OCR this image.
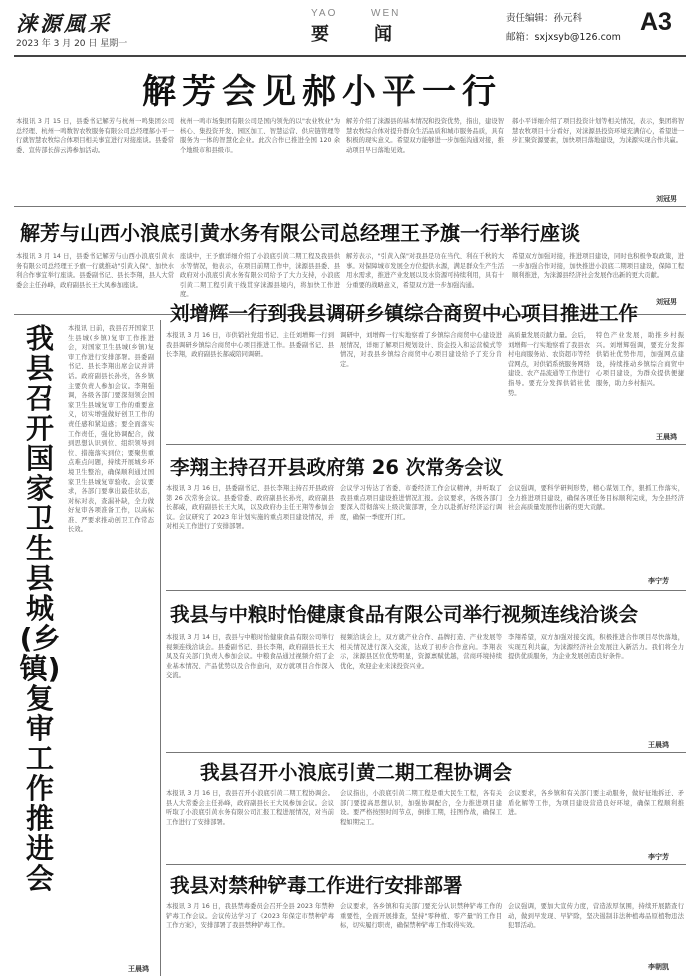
涞源風采
2023 年 3 月 20 日 星期一
YAO	WEN
要	闻
责任编辑：孙元科
邮箱：sxjxsyb@126.com
A3
解芳会见郝小平一行
本报讯 3 月 15 日，县委书记解芳与杭州一鸣集团公司总经理、杭州一鸣数智农牧服务有限公司总经理郝小平一行就智慧农牧综合体项目相关事宜进行对接座谈。县委常委、宣传部长薛云涛参加活动。
杭州一鸣市场集团有限公司是国内领先的以"农业牧业"为核心、集投资开发、园区加工、智慧运营、供应链管理等服务为一体的智慧化企业。此次合作已推进全国 120 余个地级市和县级市。
解芳介绍了涞源县的基本情况和投资优势，指出，建设智慧农牧综合体对提升群众生活品质和城市服务品质，具有积极的现实意义。希望双方能够进一步加强沟通对接，推动项目早日落地见效。
郝小平详细介绍了项目投资计划等相关情况，表示，集团将智慧农牧项目十分看好，对涞源县投资环境充满信心，希望进一步汇聚资源要素，加快项目落地建设，为涞源实现合作共赢。
刘冠男
解芳与山西小浪底引黄水务有限公司总经理王予旗一行举行座谈
本报讯 3 月 14 日，县委书记解芳与山西小浪底引黄水务有限公司总经理王予旗一行就推动"引黄入保"、加快水利合作事宜举行座谈。县委副书记、县长李翔，县人大常委会主任孙峰，政府副县长王大凤参加座谈。
座谈中，王予旗详细介绍了小浪底引黄二期工程及我县供水等情况，他表示，在项目前期工作中，涞源县县委、县政府对小浪底引黄水务有限公司给予了大力支持，小浪底引黄二期工程引黄干线贯穿涞源县境内，将加快工作进度。
解芳表示，"引黄入保"对我县是功在当代、利在千秋的大事。对保障城市发展全方位提供水源，满足群众生产生活用水需求，推进产业发展以及水资源可持续利用，具有十分重要的战略意义，希望双方进一步加强沟通。
希望双方加强对接，推进项目建设，同时也积极争取政策，进一步加强合作对接，加快推进小浪底二期项目建设，保障工程顺利推进，为涞源县经济社会发展作出新的更大贡献。
刘冠男
我县召开国家卫生县城(乡镇)复审工作推进会
本报讯 日前，我县召开国家卫生县城(乡镇)复审工作推进会，对国家卫生县城(乡镇)复审工作进行安排部署。县委副书记、县长李翔出席会议并讲话。政府副县长孙亮，各乡镇主要负责人参加会议。李翔强调，各级各部门要深刻领会国家卫生县城复审工作的重要意义，切实增强做好创卫工作的责任感和紧迫感；要全面落实工作责任，强化协调配合，做到思想认识到位、组织领导到位、措施落实到位；要聚焦重点难点问题，持续开展城乡环境卫生整治，确保顺利通过国家卫生县城复审验收。会议要求，各部门要拿出最佳状态，对标对表，查漏补缺，全力做好复审各项准备工作，以高标准、严要求推动创卫工作常态长效。
王晨鸿
刘增辉一行到我县调研乡镇综合商贸中心项目推进工作
本报讯 3 月 16 日，市供销社党组书记、主任刘增辉一行到我县调研乡镇综合商贸中心项目推进工作。县委副书记、县长李翔，政府副县长郝威陪同调研。
调研中，刘增辉一行实地察看了乡镇综合商贸中心建设进展情况，详细了解项目规划设计、资金投入和运营模式等情况，对我县乡镇综合商贸中心项目建设给予了充分肯定。
高质量发展贡献力量。会后，刘增辉一行实地察看了我县农村电商服务站、农资超市等经营网点，对供销系统服务网络建设、农产品流通等工作进行指导。要充分发挥供销社优势。
特色产业发展，助推乡村振兴。刘增辉强调，要充分发挥供销社优势作用，加强网点建设，持续推动乡镇综合商贸中心项目建设，为群众提供便捷服务，助力乡村振兴。
王晨鸿
李翔主持召开县政府第 26 次常务会议
本报讯 3 月 16 日，县委副书记、县长李翔主持召开县政府第 26 次常务会议。县委常委、政府副县长孙亮，政府副县长郝威，政府副县长王大凤，以及政府办主任王翔等参加会议。会议研究了 2023 年计划实施的重点项目建设情况，并对相关工作进行了安排部署。
会议学习传达了省委、市委经济工作会议精神，并听取了我县重点项目建设推进情况汇报。会议要求，各级各部门要深入贯彻落实上级决策部署，全力以赴抓好经济运行调度，确保一季度开门红。
会议强调，要科学研判形势，精心谋划工作，狠抓工作落实，全力推进项目建设，确保各项任务目标顺利完成，为全县经济社会高质量发展作出新的更大贡献。
李宁芳
我县与中粮时怡健康食品有限公司举行视频连线洽谈会
本报讯 3 月 14 日，我县与中粮时怡健康食品有限公司举行视频连线洽谈会。县委副书记、县长李翔，政府副县长王大凤及有关部门负责人参加会议。中粮食品通过视频介绍了企业基本情况、产品优势以及合作意向，双方就项目合作深入交流。
视频洽谈会上，双方就产业合作、品牌打造、产业发展等相关情况进行深入交流，达成了初步合作意向。李翔表示，涞源县区位优势明显，资源禀赋优越，营商环境持续优化，欢迎企业来涞投资兴业。
李翔希望，双方加强对接交流，积极推进合作项目尽快落地，实现互利共赢，为涞源经济社会发展注入新活力。我们将全力提供优质服务，为企业发展创造良好条件。
王晨鸿
我县召开小浪底引黄二期工程协调会
本报讯 3 月 16 日，我县召开小浪底引黄二期工程协调会。县人大常委会主任孙峰，政府副县长王大凤参加会议。会议听取了小浪底引黄水务有限公司汇报工程进展情况，对当前工作进行了安排部署。
会议指出，小浪底引黄二期工程是重大民生工程，各有关部门要提高思想认识，加强协调配合，全力推进项目建设。要严格按照时间节点，倒排工期，挂图作战，确保工程如期完工。
会议要求，各乡镇和有关部门要主动服务，做好征地拆迁、矛盾化解等工作，为项目建设营造良好环境，确保工程顺利推进。
李宁芳
我县对禁种铲毒工作进行安排部署
本报讯 3 月 16 日，我县禁毒委员会召开全县 2023 年禁种铲毒工作会议。会议传达学习了《2023 年保定市禁种铲毒工作方案》，安排部署了我县禁种铲毒工作。
会议要求，各乡镇和有关部门要充分认识禁种铲毒工作的重要性，全面开展排查，坚持"零种植、零产量"的工作目标，切实履行职责，确保禁种铲毒工作取得实效。
会议强调，要加大宣传力度，营造浓厚氛围，持续开展踏查行动，做到早发现、早铲除，坚决遏制非法种植毒品原植物违法犯罪活动。
李朝凯
